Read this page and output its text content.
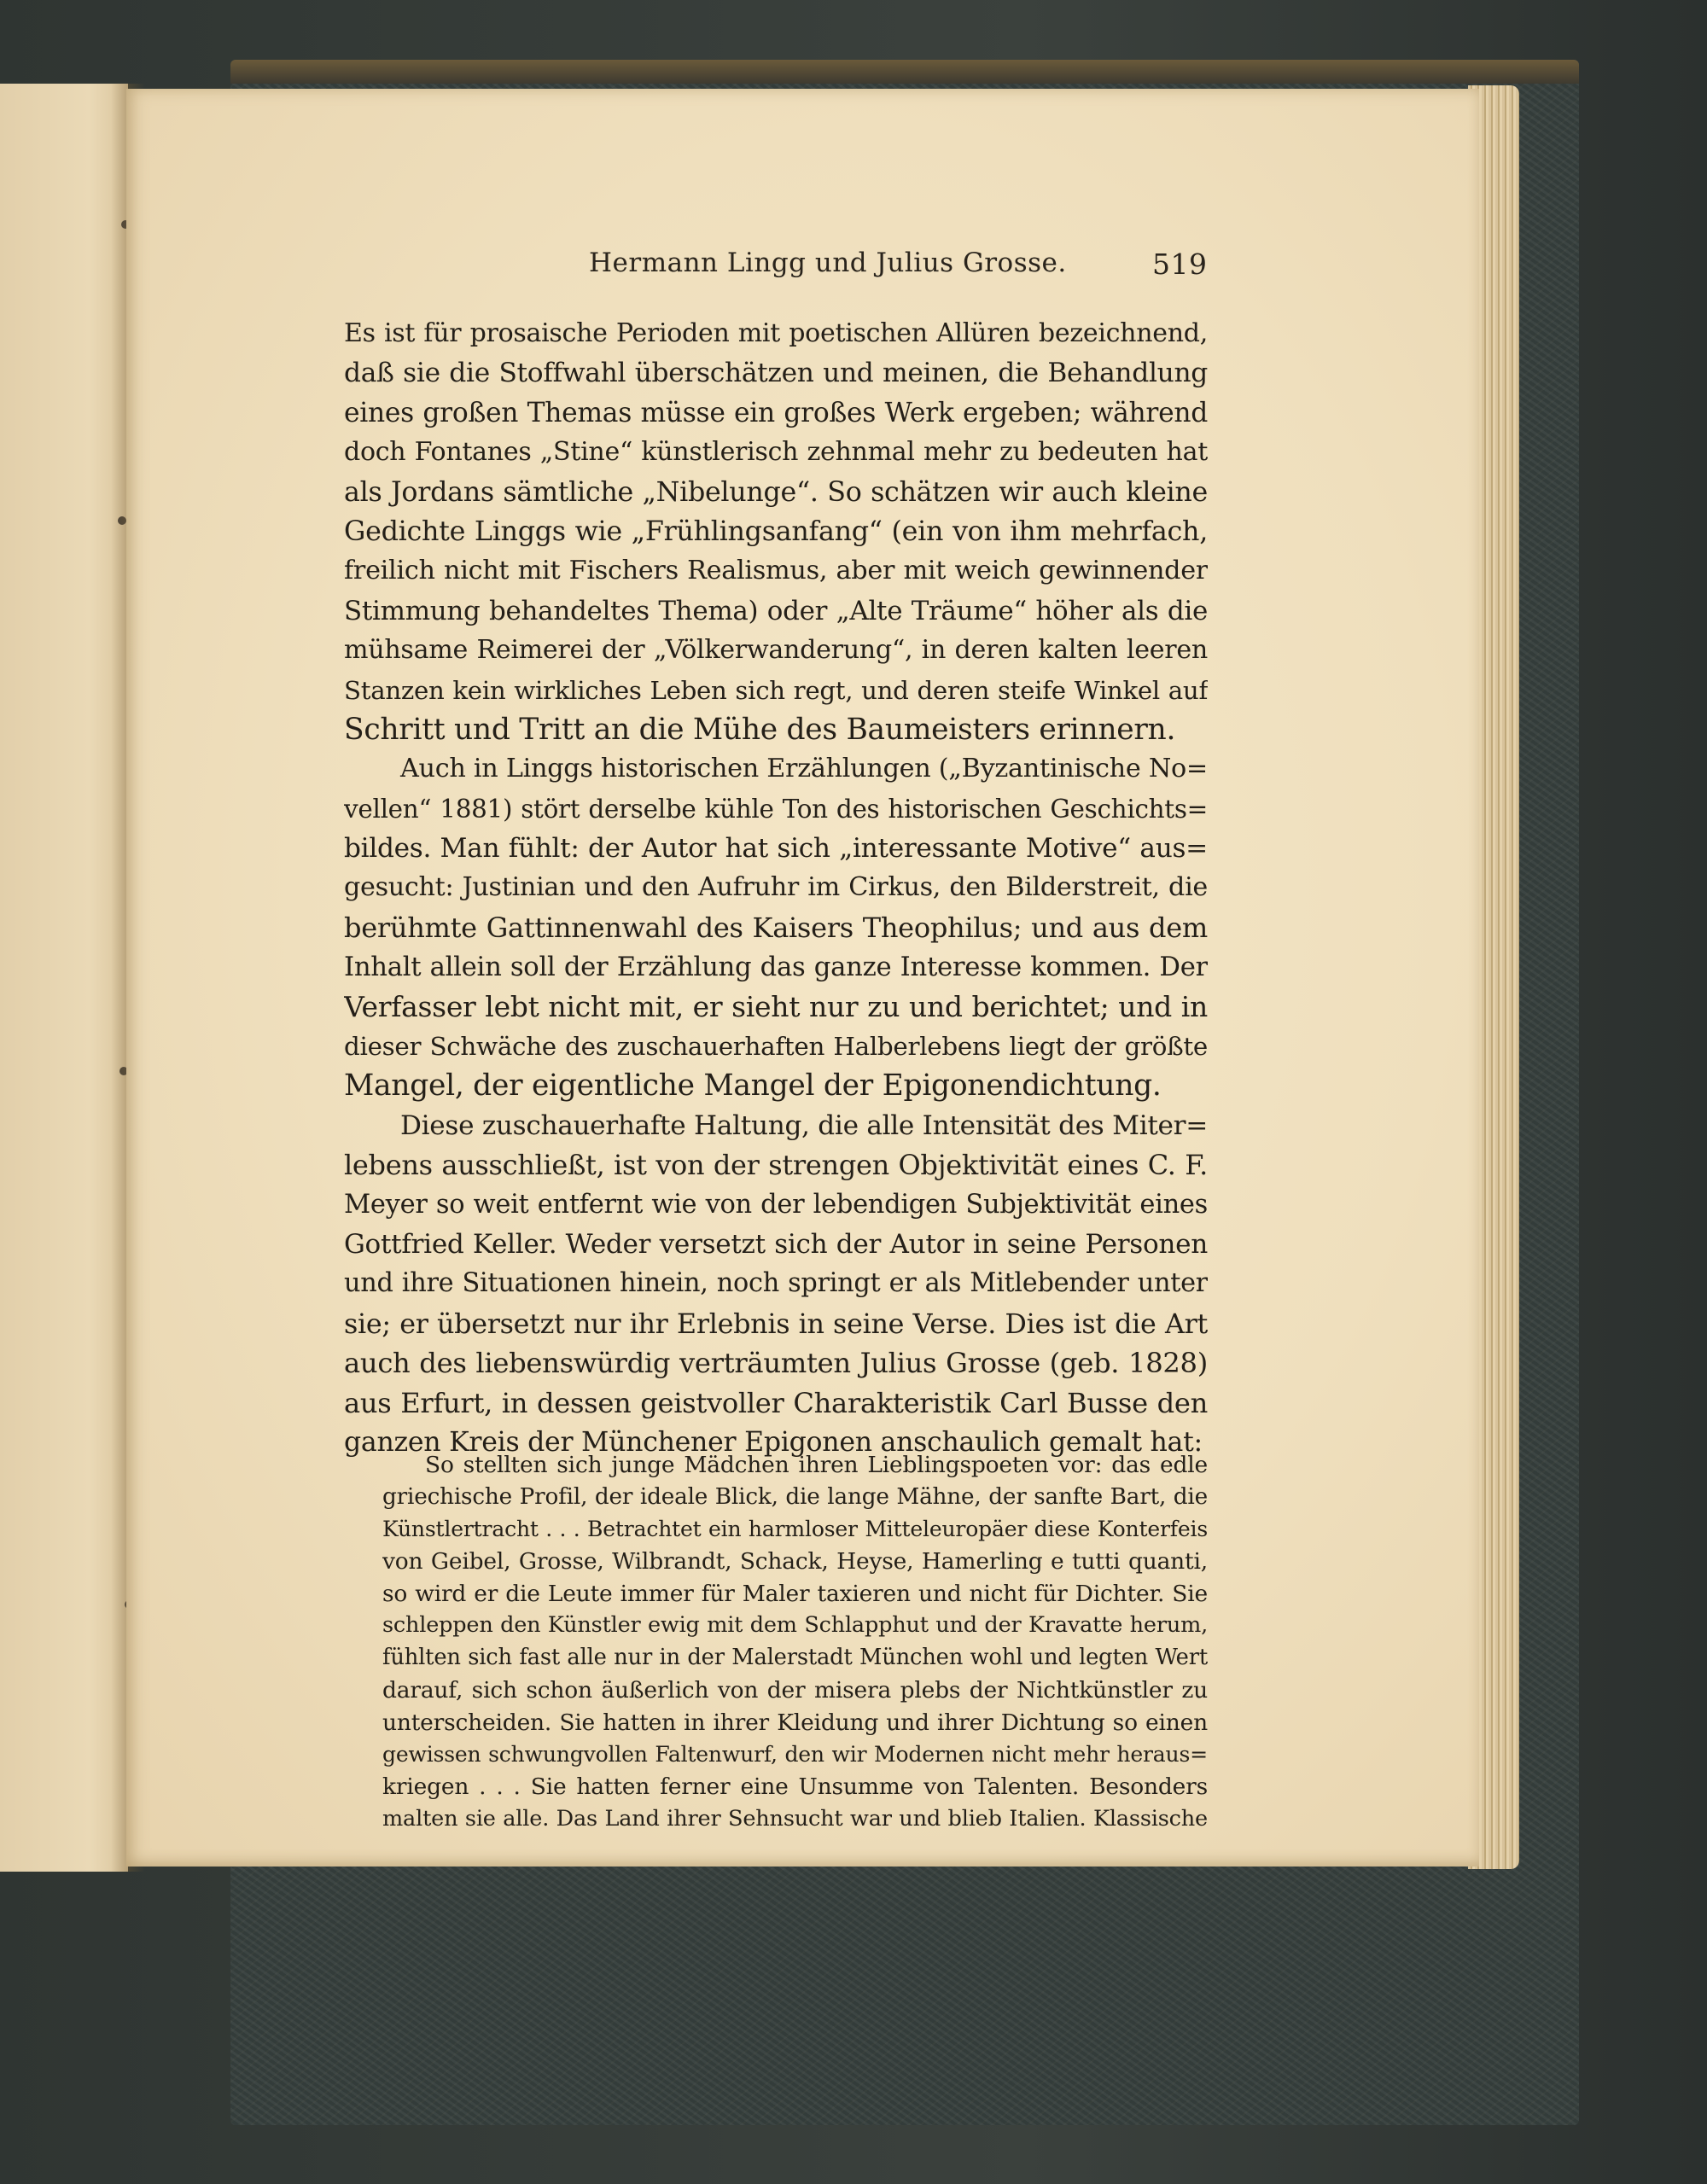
Hermann Lingg und Julius Grosse.	519
Es ist für prosaische Perioden mit poetischen Allüren bezeichnend,
daß sie die Stoffwahl überschätzen und meinen, die Behandlung
eines großen Themas müsse ein großes Werk ergeben; während
doch Fontanes „Stine“ künstlerisch zehnmal mehr zu bedeuten hat
als Jordans sämtliche „Nibelunge“. So schätzen wir auch kleine
Gedichte Linggs wie „Frühlingsanfang“ (ein von ihm mehrfach,
freilich nicht mit Fischers Realismus, aber mit weich gewinnender
Stimmung behandeltes Thema) oder „Alte Träume“ höher als die
mühsame Reimerei der „Völkerwanderung“, in deren kalten leeren
Stanzen kein wirkliches Leben sich regt, und deren steife Winkel auf
Schritt und Tritt an die Mühe des Baumeisters erinnern.
Auch in Linggs historischen Erzählungen („Byzantinische No=
vellen“ 1881) stört derselbe kühle Ton des historischen Geschichts=
bildes. Man fühlt: der Autor hat sich „interessante Motive“ aus=
gesucht: Justinian und den Aufruhr im Cirkus, den Bilderstreit, die
berühmte Gattinnenwahl des Kaisers Theophilus; und aus dem
Inhalt allein soll der Erzählung das ganze Interesse kommen. Der
Verfasser lebt nicht mit, er sieht nur zu und berichtet; und in
dieser Schwäche des zuschauerhaften Halberlebens liegt der größte
Mangel, der eigentliche Mangel der Epigonendichtung.
Diese zuschauerhafte Haltung, die alle Intensität des Miter=
lebens ausschließt, ist von der strengen Objektivität eines C. F.
Meyer so weit entfernt wie von der lebendigen Subjektivität eines
Gottfried Keller. Weder versetzt sich der Autor in seine Personen
und ihre Situationen hinein, noch springt er als Mitlebender unter
sie; er übersetzt nur ihr Erlebnis in seine Verse. Dies ist die Art
auch des liebenswürdig verträumten Julius Grosse (geb. 1828)
aus Erfurt, in dessen geistvoller Charakteristik Carl Busse den
ganzen Kreis der Münchener Epigonen anschaulich gemalt hat:
So stellten sich junge Mädchen ihren Lieblingspoeten vor: das edle
griechische Profil, der ideale Blick, die lange Mähne, der sanfte Bart, die
Künstlertracht . . . Betrachtet ein harmloser Mitteleuropäer diese Konterfeis
von Geibel, Grosse, Wilbrandt, Schack, Heyse, Hamerling e tutti quanti,
so wird er die Leute immer für Maler taxieren und nicht für Dichter. Sie
schleppen den Künstler ewig mit dem Schlapphut und der Kravatte herum,
fühlten sich fast alle nur in der Malerstadt München wohl und legten Wert
darauf, sich schon äußerlich von der misera plebs der Nichtkünstler zu
unterscheiden. Sie hatten in ihrer Kleidung und ihrer Dichtung so einen
gewissen schwungvollen Faltenwurf, den wir Modernen nicht mehr heraus=
kriegen . . . Sie hatten ferner eine Unsumme von Talenten. Besonders
malten sie alle. Das Land ihrer Sehnsucht war und blieb Italien. Klassische
